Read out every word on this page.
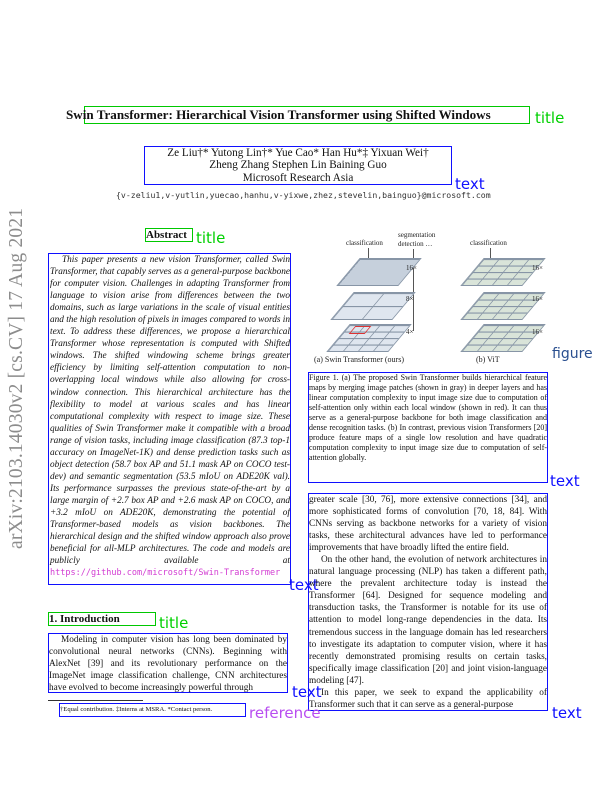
arXiv:2103.14030v2 [cs.CV] 17 Aug 2021
Swin Transformer: Hierarchical Vision Transformer using Shifted Windows	title
Ze Liu†* Yutong Lin†* Yue Cao* Han Hu*‡ Yixuan Wei†
Zheng Zhang Stephen Lin Baining Guo
Microsoft Research Asia	text
{v-zeliu1,v-yutlin,yuecao,hanhu,v-yixwe,zhez,stevelin,bainguo}@microsoft.com
Abstract title

This paper presents a new vision Transformer, called Swin Transformer, that capably serves as a general-purpose backbone for computer vision. Challenges in adapting Transformer from language to vision arise from differences between the two domains, such as large variations in the scale of visual entities and the high resolution of pixels in images compared to words in text. To address these differences, we propose a hierarchical Transformer whose representation is computed with Shifted windows. The shifted windowing scheme brings greater efficiency by limiting self-attention computation to non-overlapping local windows while also allowing for cross-window connection. This hierarchical architecture has the flexibility to model at various scales and has linear computational complexity with respect to image size. These qualities of Swin Transformer make it compatible with a broad range of vision tasks, including image classification (87.3 top-1 accuracy on ImageNet-1K) and dense prediction tasks such as object detection (58.7 box AP and 51.1 mask AP on COCO test-dev) and semantic segmentation (53.5 mIoU on ADE20K val). Its performance surpasses the previous state-of-the-art by a large margin of +2.7 box AP and +2.6 mask AP on COCO, and +3.2 mIoU on ADE20K, demonstrating the potential of Transformer-based models as vision backbones. The hierarchical design and the shifted window approach also prove beneficial for all-MLP architectures. The code and models are publicly available at https://github.com/microsoft/Swin-Transformer

text
classification
segmentation
detection …	classification
16×
8×
4×
16×
16×
16×
(a) Swin Transformer (ours)	(b) ViT	figure

Figure 1. (a) The proposed Swin Transformer builds hierarchical feature maps by merging image patches (shown in gray) in deeper layers and has linear computation complexity to input image size due to computation of self-attention only within each local window (shown in red). It can thus serve as a general-purpose backbone for both image classification and dense recognition tasks. (b) In contrast, previous vision Transformers [20] produce feature maps of a single low resolution and have quadratic computation complexity to input image size due to computation of self-attention globally.

text

greater scale [30, 76], more extensive connections [34], and more sophisticated forms of convolution [70, 18, 84]. With CNNs serving as backbone networks for a variety of vision tasks, these architectural advances have led to performance improvements that have broadly lifted the entire field.

On the other hand, the evolution of network architectures in natural language processing (NLP) has taken a different path, where the prevalent architecture today is instead the Transformer [64]. Designed for sequence modeling and transduction tasks, the Transformer is notable for its use of attention to model long-range dependencies in the data. Its tremendous success in the language domain has led researchers to investigate its adaptation to computer vision, where it has recently demonstrated promising results on certain tasks, specifically image classification [20] and joint vision-language modeling [47].

In this paper, we seek to expand the applicability of Transformer such that it can serve as a general-purpose	text
1. Introduction	title

Modeling in computer vision has long been dominated by convolutional neural networks (CNNs). Beginning with AlexNet [39] and its revolutionary performance on the ImageNet image classification challenge, CNN architectures have evolved to become increasingly powerful through	text
†Equal contribution. ‡Interns at MSRA. *Contact person.	reference
